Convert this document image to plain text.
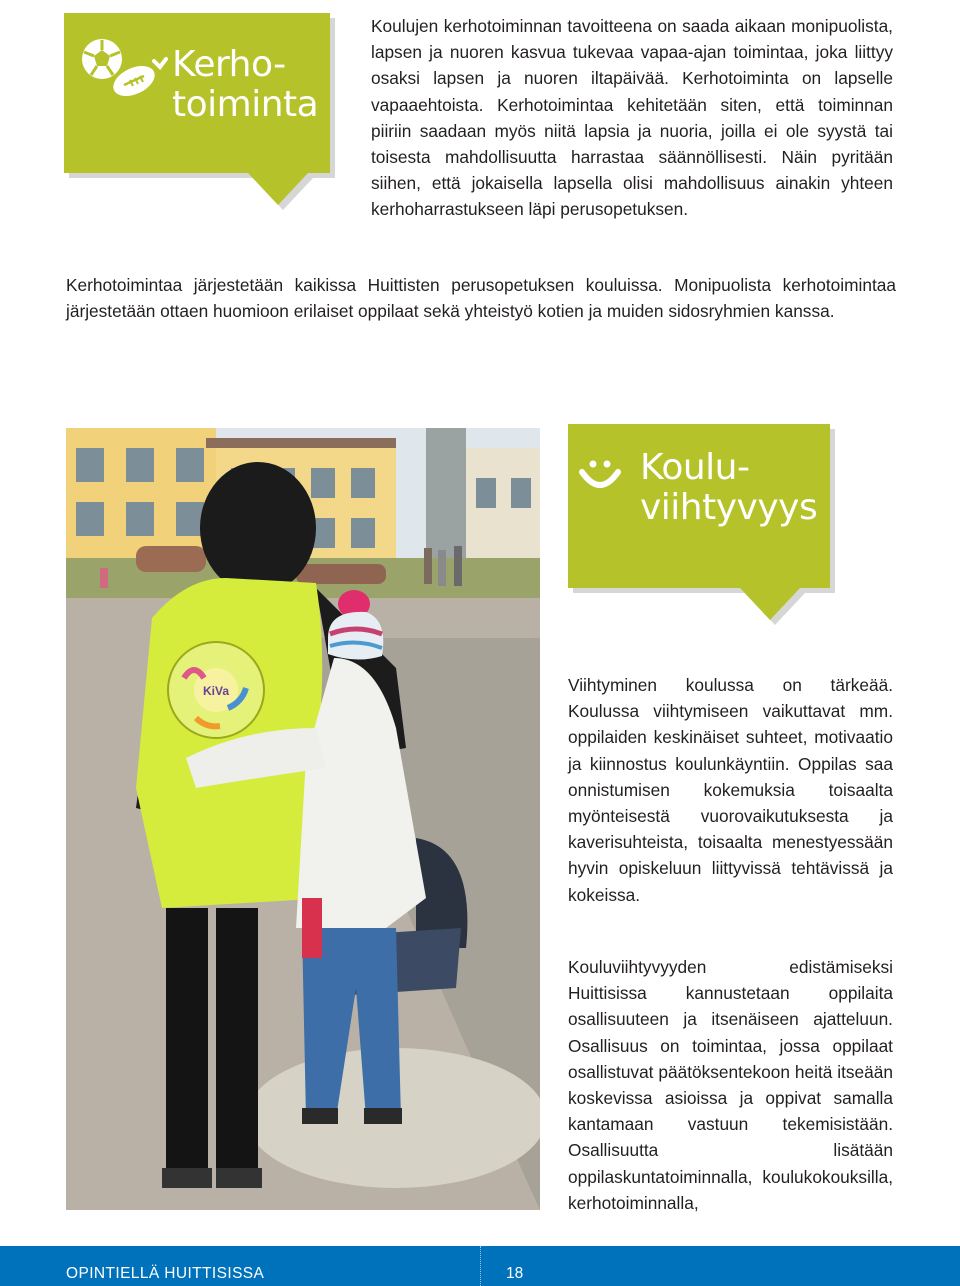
Kerho-
toiminta

Koulujen kerhotoiminnan tavoitteena on saada aikaan monipuolista, lapsen ja nuoren kasvua tukevaa vapaa-ajan toimintaa, joka liittyy osaksi lapsen ja nuoren iltapäivää. Kerhotoiminta on lapselle vapaaehtoista. Kerhotoimintaa kehitetään siten, että toiminnan piiriin saadaan myös niitä lapsia ja nuoria, joilla ei ole syystä tai toisesta mahdollisuutta harrastaa säännöllisesti. Näin pyritään siihen, että jokaisella lapsella olisi mahdollisuus ainakin yhteen kerhoharrastukseen läpi perusopetuksen.

Kerhotoimintaa järjestetään kaikissa Huittisten perusopetuksen kouluissa. Monipuolista kerhotoimintaa järjestetään ottaen huomioon erilaiset oppilaat sekä yhteistyö kotien ja muiden sidosryhmien kanssa.

KiVa
Koulu-
viihtyvyys

Viihtyminen koulussa on tärkeää. Koulussa viihtymiseen vaikuttavat mm. oppilaiden keskinäiset suhteet, motivaatio ja kiinnostus koulunkäyntiin. Oppilas saa onnistumisen kokemuksia toisaalta myönteisestä vuorovaikutuksesta ja kaverisuhteista, toisaalta menestyessään hyvin opiskeluun liittyvissä tehtävissä ja kokeissa.

Kouluviihtyvyyden edistämiseksi Huittisissa kannustetaan oppilaita osallisuuteen ja itsenäiseen ajatteluun. Osallisuus on toimintaa, jossa oppilaat osallistuvat päätöksentekoon heitä itseään koskevissa asioissa ja oppivat samalla kantamaan vastuun tekemisistään. Osallisuutta lisätään oppilaskuntatoiminnalla, koulukokouksilla, kerhotoiminnalla,

OPINTIELLÄ HUITTISISSA	18
